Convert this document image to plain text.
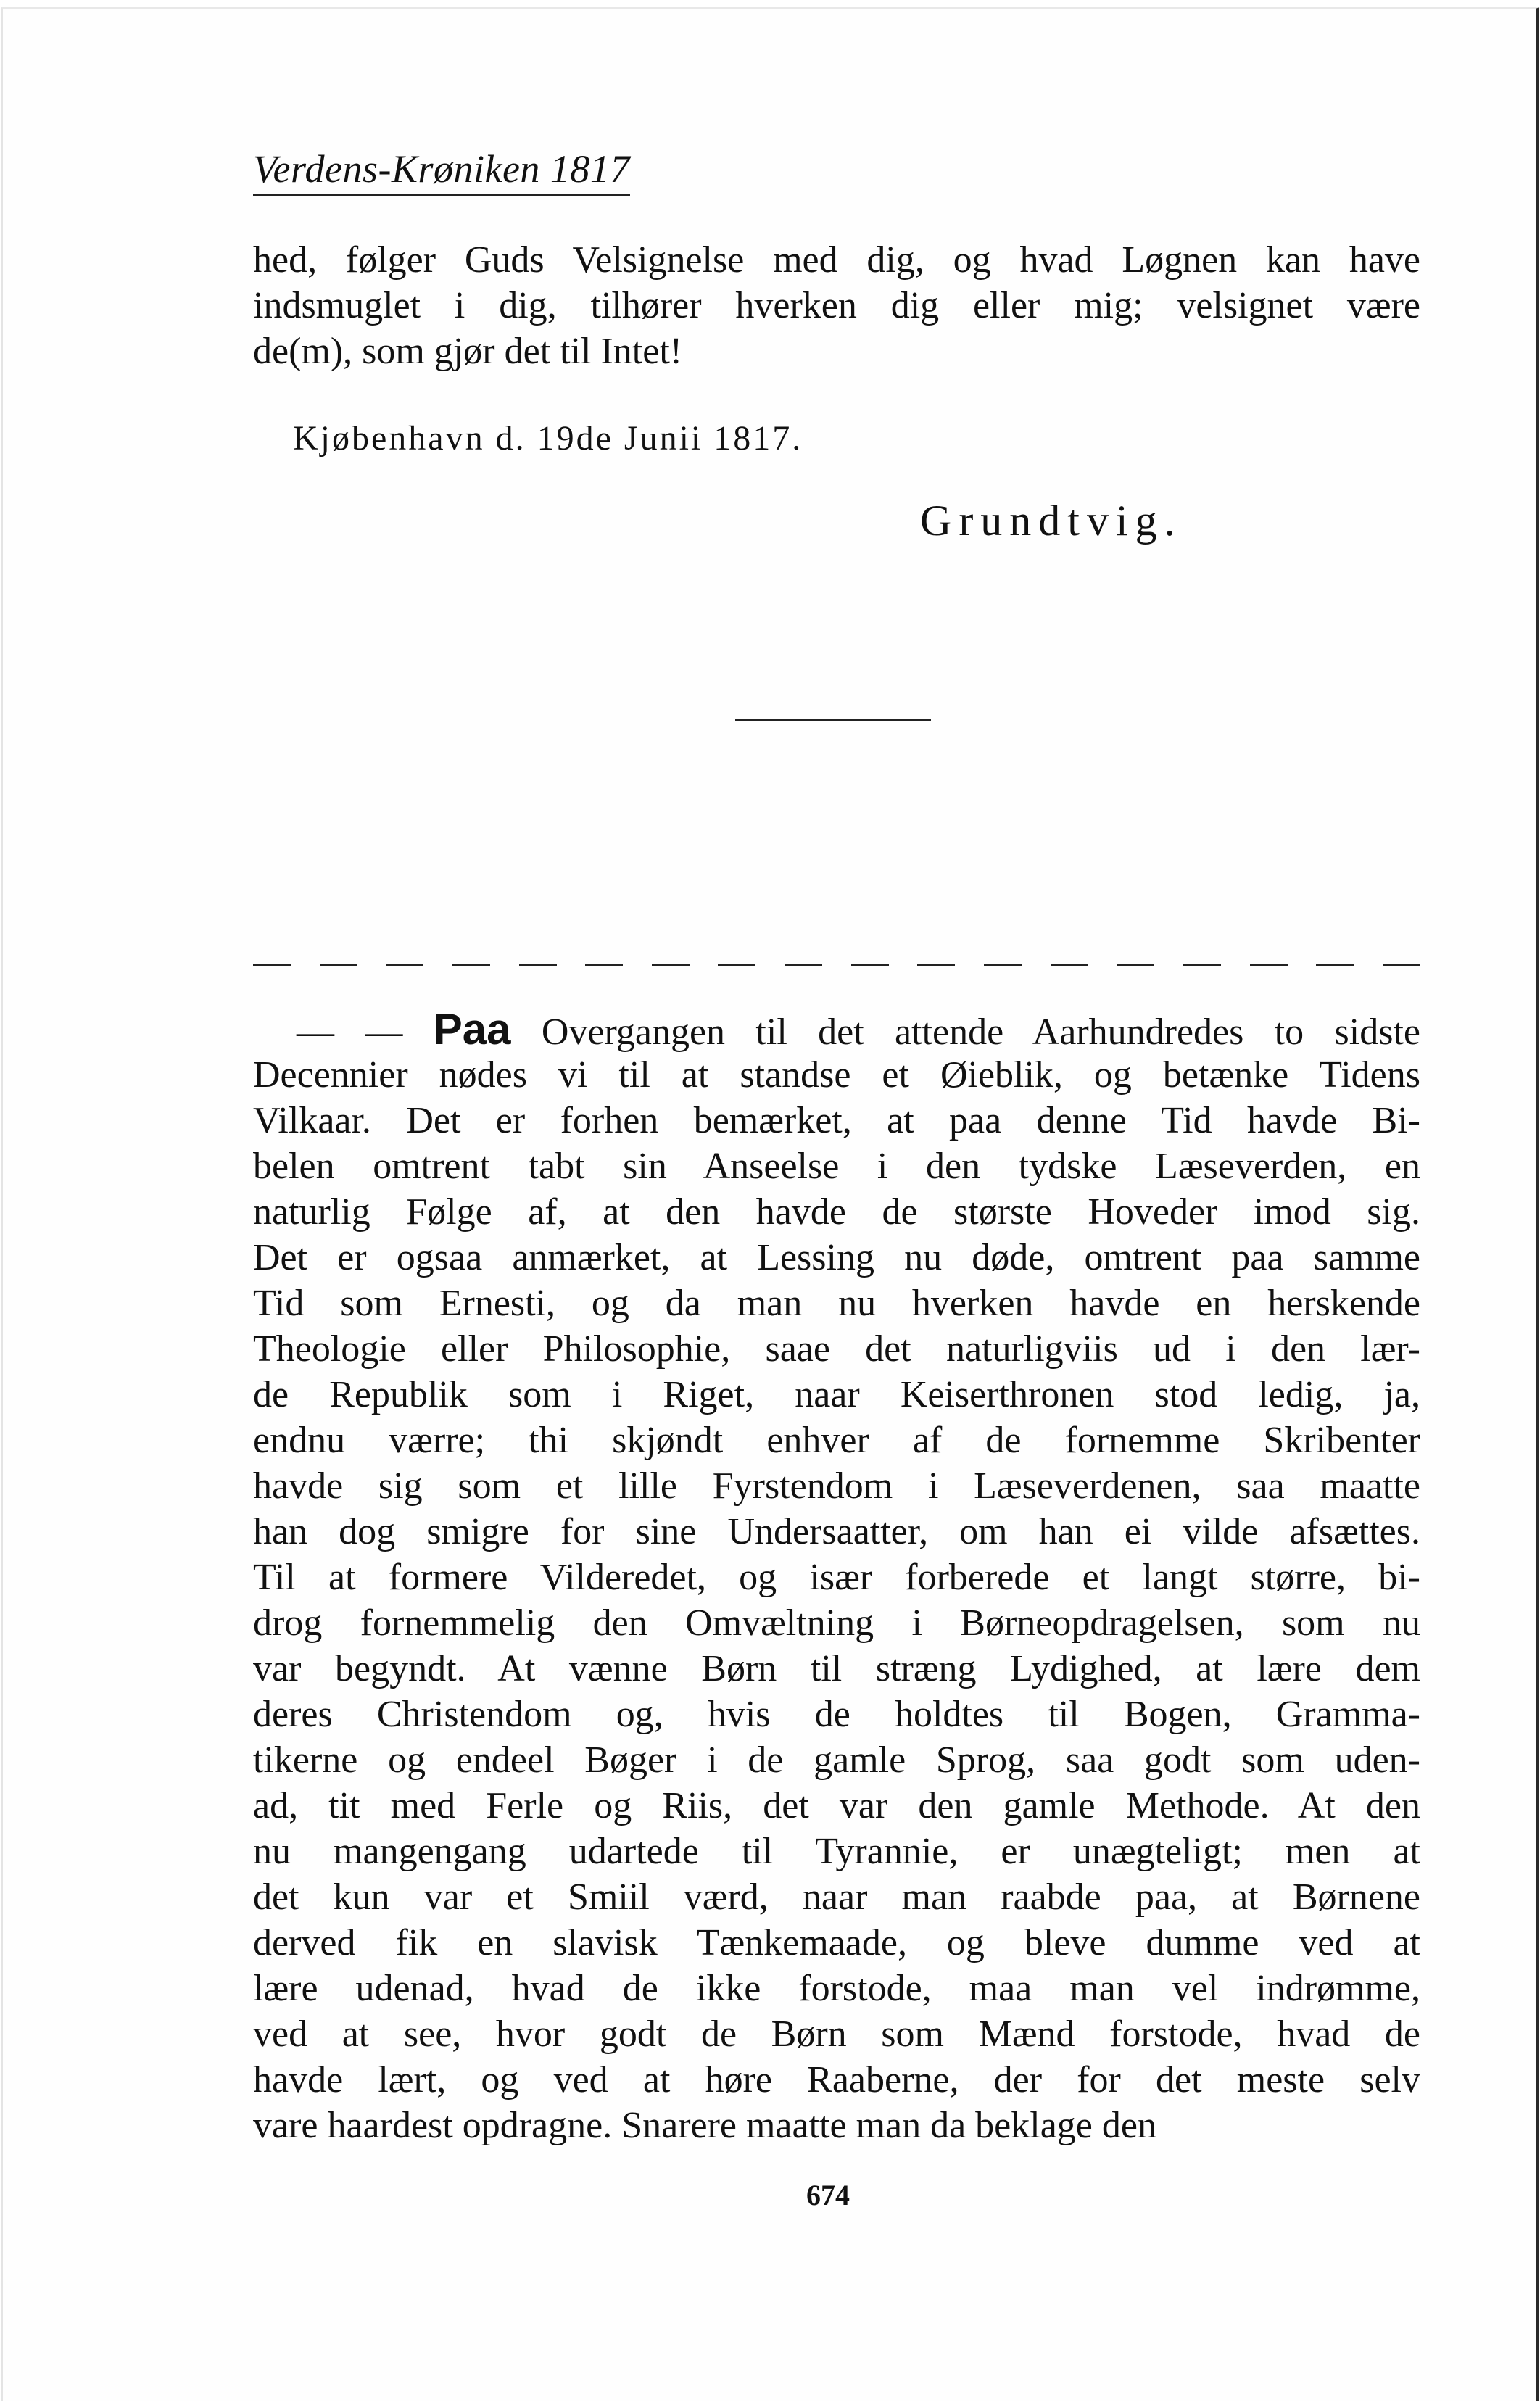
Verdens-Krøniken 1817
hed, følger Guds Velsignelse med dig, og hvad Løgnen kan have
indsmuglet i dig, tilhører hverken dig eller mig; velsignet være
de(m), som gjør det til Intet!
Kjøbenhavn d. 19de Junii 1817.
Grundtvig.
— — Paa Overgangen til det attende Aarhundredes to sidste
Decennier nødes vi til at standse et Øieblik, og betænke Tidens
Vilkaar. Det er forhen bemærket, at paa denne Tid havde Bi-
belen omtrent tabt sin Anseelse i den tydske Læseverden, en
naturlig Følge af, at den havde de største Hoveder imod sig.
Det er ogsaa anmærket, at Lessing nu døde, omtrent paa samme
Tid som Ernesti, og da man nu hverken havde en herskende
Theologie eller Philosophie, saae det naturligviis ud i den lær-
de Republik som i Riget, naar Keiserthronen stod ledig, ja,
endnu værre; thi skjøndt enhver af de fornemme Skribenter
havde sig som et lille Fyrstendom i Læseverdenen, saa maatte
han dog smigre for sine Undersaatter, om han ei vilde afsættes.
Til at formere Vilderedet, og især forberede et langt større, bi-
drog fornemmelig den Omvæltning i Børneopdragelsen, som nu
var begyndt. At vænne Børn til stræng Lydighed, at lære dem
deres Christendom og, hvis de holdtes til Bogen, Gramma-
tikerne og endeel Bøger i de gamle Sprog, saa godt som uden-
ad, tit med Ferle og Riis, det var den gamle Methode. At den
nu mangengang udartede til Tyrannie, er unægteligt; men at
det kun var et Smiil værd, naar man raabde paa, at Børnene
derved fik en slavisk Tænkemaade, og bleve dumme ved at
lære udenad, hvad de ikke forstode, maa man vel indrømme,
ved at see, hvor godt de Børn som Mænd forstode, hvad de
havde lært, og ved at høre Raaberne, der for det meste selv
vare haardest opdragne. Snarere maatte man da beklage den
674
